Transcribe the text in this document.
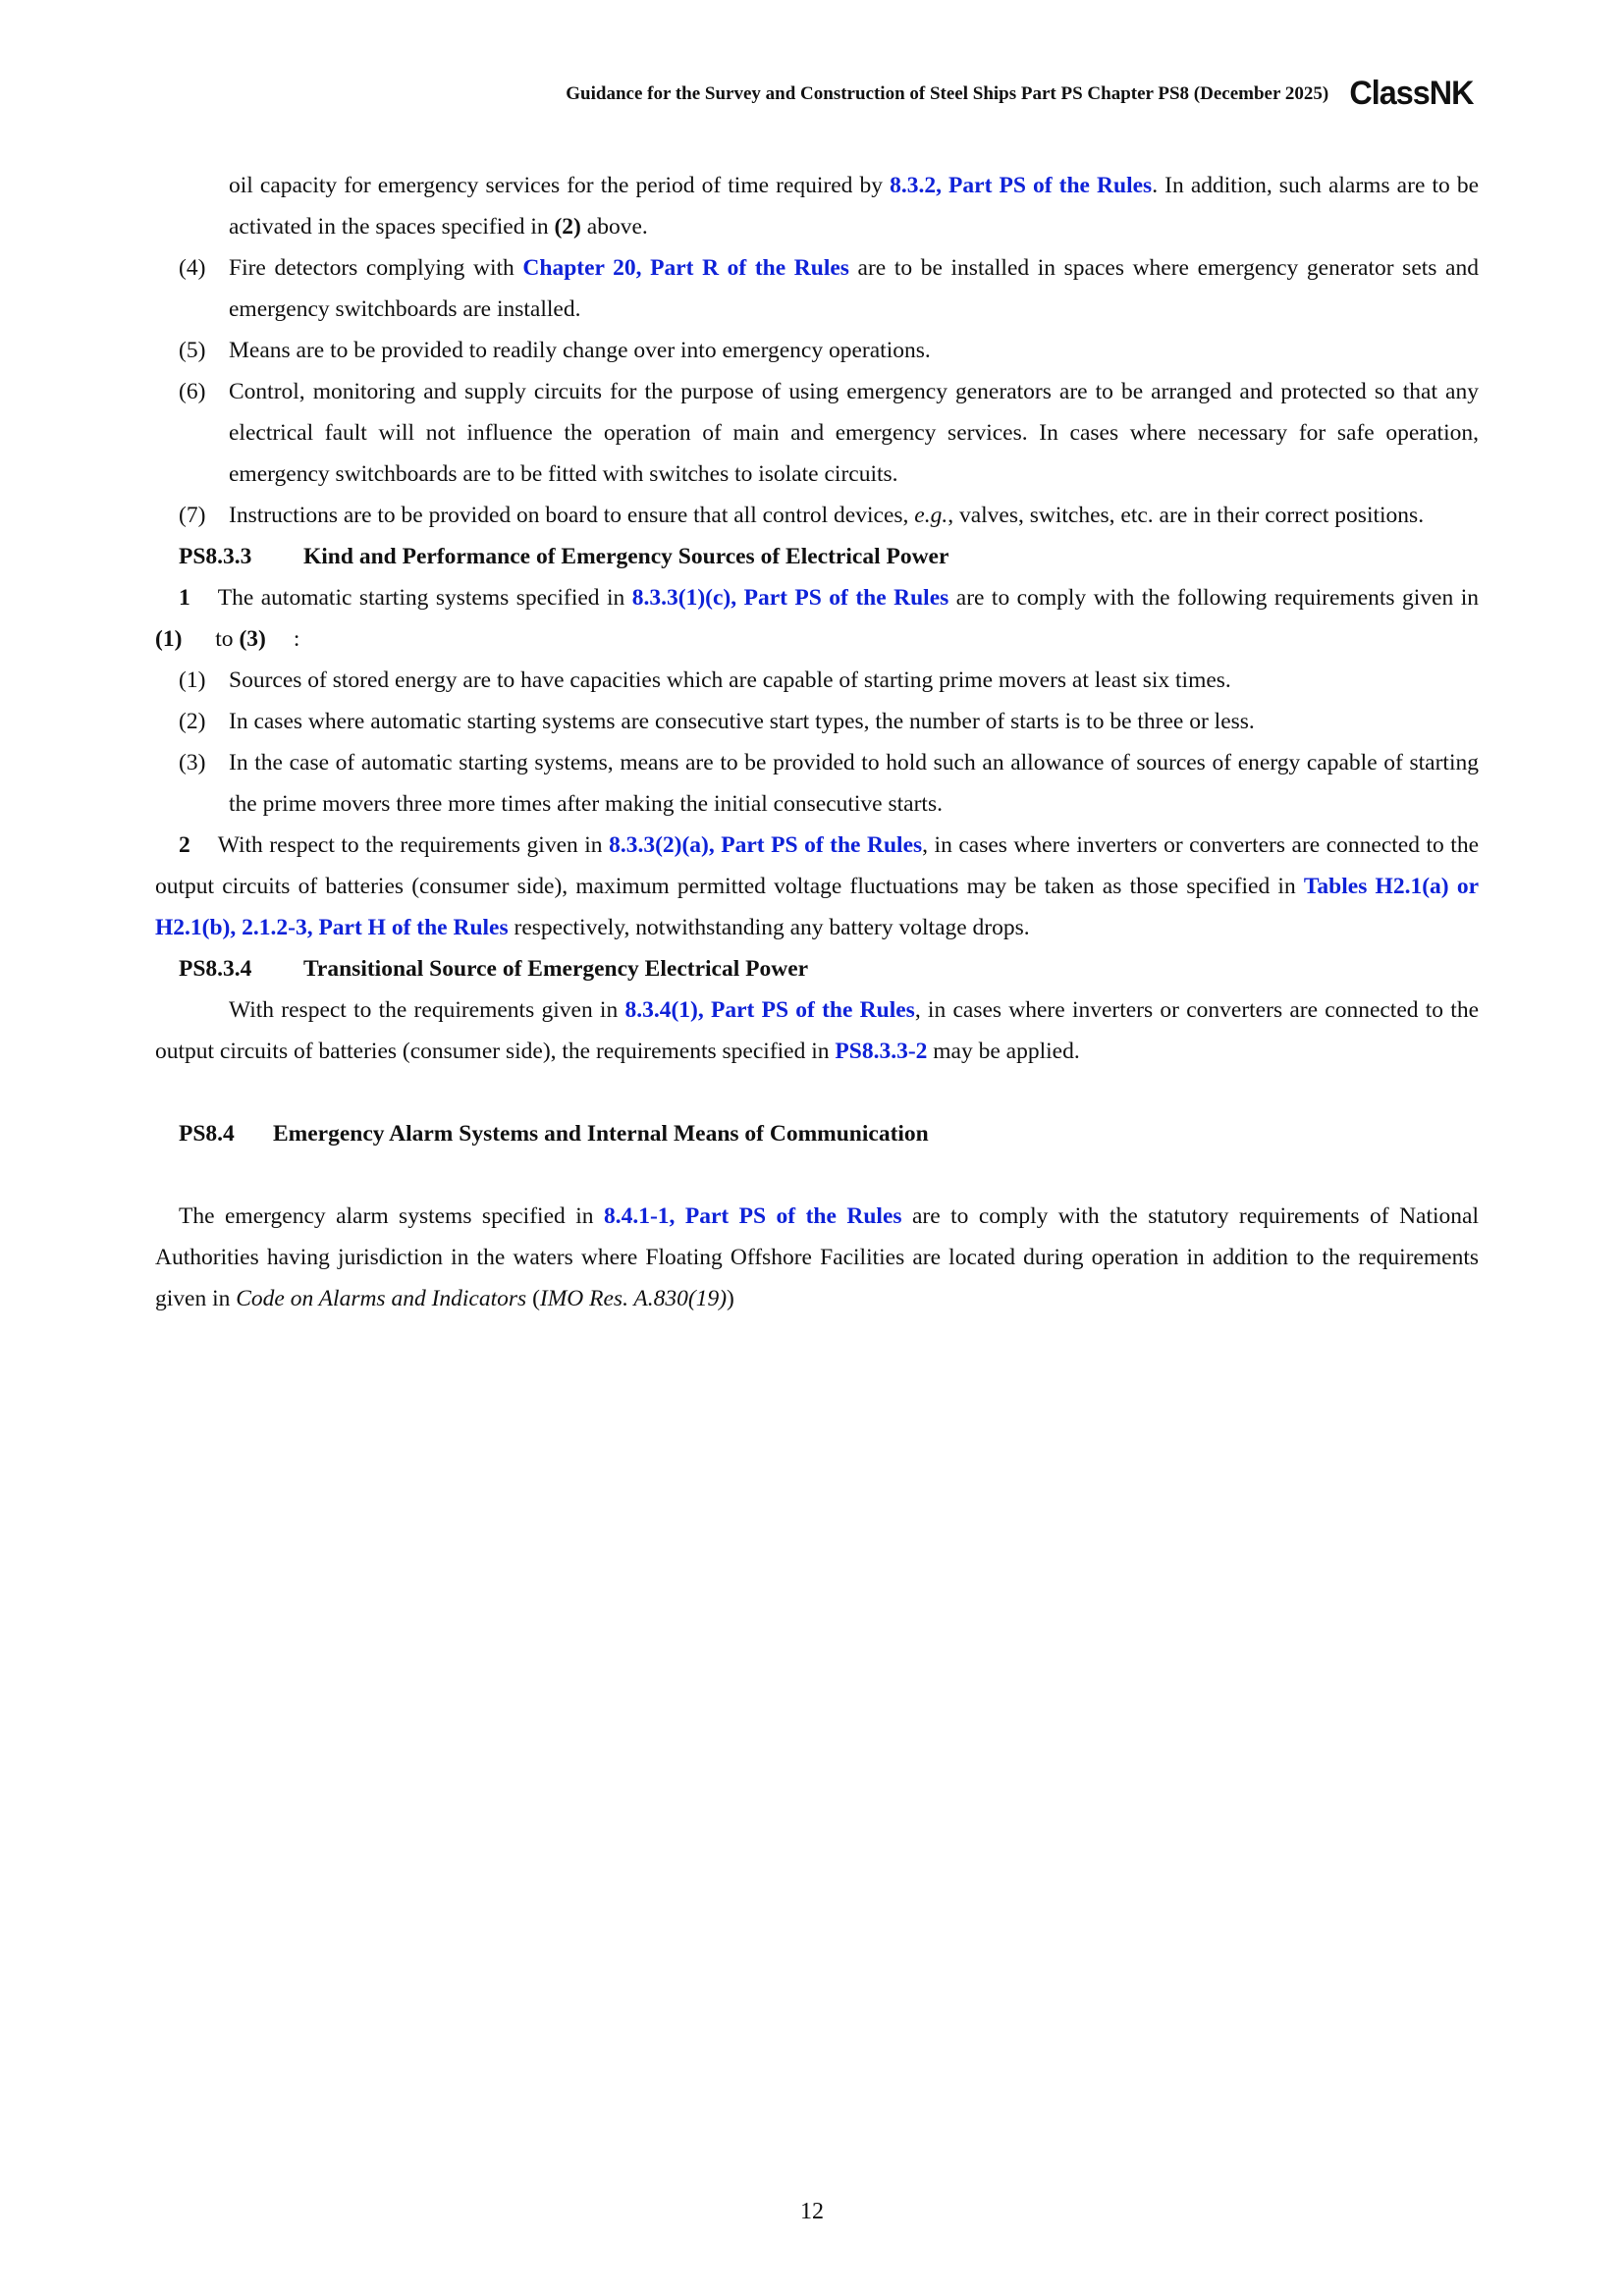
Guidance for the Survey and Construction of Steel Ships Part PS Chapter PS8 (December 2025) ClassNK

oil capacity for emergency services for the period of time required by 8.3.2, Part PS of the Rules. In addition, such alarms are to be activated in the spaces specified in (2) above.

(4)	Fire detectors complying with Chapter 20, Part R of the Rules are to be installed in spaces where emergency generator sets and emergency switchboards are installed.
(5)	Means are to be provided to readily change over into emergency operations.
(6)	Control, monitoring and supply circuits for the purpose of using emergency generators are to be arranged and protected so that any electrical fault will not influence the operation of main and emergency services. In cases where necessary for safe operation, emergency switchboards are to be fitted with switches to isolate circuits.
(7)	Instructions are to be provided on board to ensure that all control devices, e.g., valves, switches, etc. are in their correct positions.
PS8.3.3	Kind and Performance of Emergency Sources of Electrical Power

1 The automatic starting systems specified in 8.3.3(1)(c), Part PS of the Rules are to comply with the following requirements given in (1) to (3) :

(1)	Sources of stored energy are to have capacities which are capable of starting prime movers at least six times.
(2)	In cases where automatic starting systems are consecutive start types, the number of starts is to be three or less.
(3)	In the case of automatic starting systems, means are to be provided to hold such an allowance of sources of energy capable of starting the prime movers three more times after making the initial consecutive starts.

2 With respect to the requirements given in 8.3.3(2)(a), Part PS of the Rules, in cases where inverters or converters are connected to the output circuits of batteries (consumer side), maximum permitted voltage fluctuations may be taken as those specified in Tables H2.1(a) or H2.1(b), 2.1.2-3, Part H of the Rules respectively, notwithstanding any battery voltage drops.

PS8.3.4	Transitional Source of Emergency Electrical Power

With respect to the requirements given in 8.3.4(1), Part PS of the Rules, in cases where inverters or converters are connected to the output circuits of batteries (consumer side), the requirements specified in PS8.3.3-2 may be applied.

PS8.4	Emergency Alarm Systems and Internal Means of Communication

The emergency alarm systems specified in 8.4.1-1, Part PS of the Rules are to comply with the statutory requirements of National Authorities having jurisdiction in the waters where Floating Offshore Facilities are located during operation in addition to the requirements given in Code on Alarms and Indicators (IMO Res. A.830(19))

12
